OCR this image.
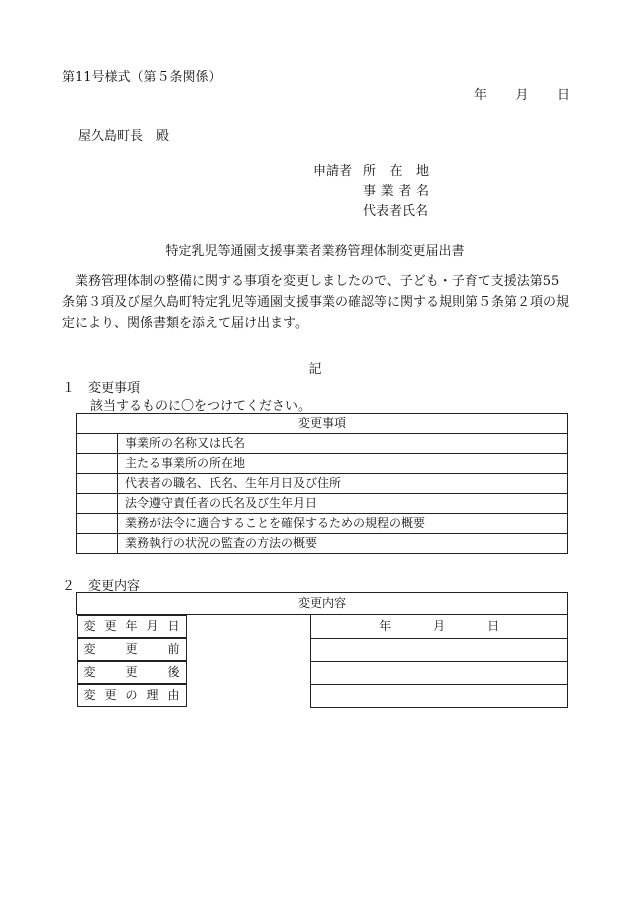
第11号様式（第５条関係）
年 月 日
屋久島町長　殿
申請者 所 在 地
事 業 者 名
代表者氏名
特定乳児等通園支援事業者業務管理体制変更届出書
業務管理体制の整備に関する事項を変更しましたので、子ども・子育て支援法第55条第３項及び屋久島町特定乳児等通園支援事業の確認等に関する規則第５条第２項の規定により、関係書類を添えて届け出ます。
記
１　変更事項
該当するものに〇をつけてください。
変更事項	
	事業所の名称又は氏名
	主たる事業所の所在地
	代表者の職名、氏名、生年月日及び住所
	法令遵守責任者の氏名及び生年月日
	業務が法令に適合することを確保するための規程の概要
	業務執行の状況の監査の方法の概要
２　変更内容
変更内容	

変 更 年 月 日	年 月 日

変 更 前

変 更 後

変 更 の 理 由
